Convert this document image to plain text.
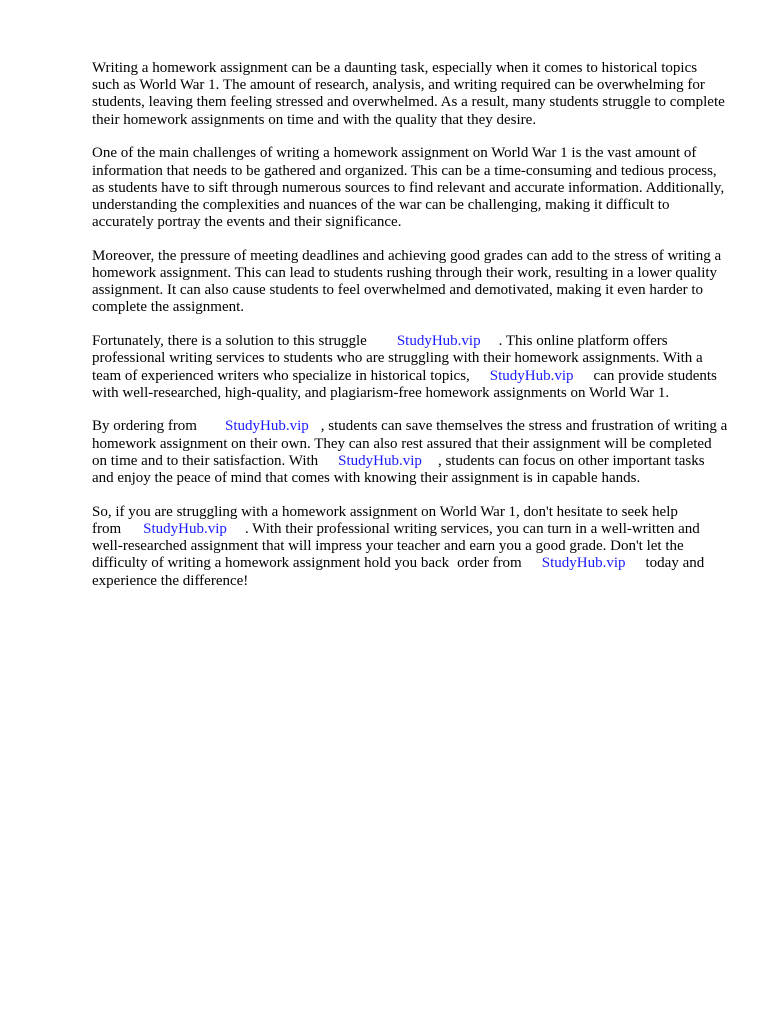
Writing a homework assignment can be a daunting task, especially when it comes to historical topics such as World War 1. The amount of research, analysis, and writing required can be overwhelming for students, leaving them feeling stressed and overwhelmed. As a result, many students struggle to complete their homework assignments on time and with the quality that they desire.

One of the main challenges of writing a homework assignment on World War 1 is the vast amount of information that needs to be gathered and organized. This can be a time-consuming and tedious process, as students have to sift through numerous sources to find relevant and accurate information. Additionally, understanding the complexities and nuances of the war can be challenging, making it difficult to accurately portray the events and their significance.

Moreover, the pressure of meeting deadlines and achieving good grades can add to the stress of writing a homework assignment. This can lead to students rushing through their work, resulting in a lower quality assignment. It can also cause students to feel overwhelmed and demotivated, making it even harder to complete the assignment.

Fortunately, there is a solution to this struggle StudyHub.vip . This online platform offers professional writing services to students who are struggling with their homework assignments. With a team of experienced writers who specialize in historical topics, StudyHub.vip can provide students with well-researched, high-quality, and plagiarism-free homework assignments on World War 1.

By ordering from StudyHub.vip , students can save themselves the stress and frustration of writing a homework assignment on their own. They can also rest assured that their assignment will be completed on time and to their satisfaction. With StudyHub.vip , students can focus on other important tasks and enjoy the peace of mind that comes with knowing their assignment is in capable hands.

So, if you are struggling with a homework assignment on World War 1, don't hesitate to seek help from StudyHub.vip . With their professional writing services, you can turn in a well-written and well-researched assignment that will impress your teacher and earn you a good grade. Don't let the difficulty of writing a homework assignment hold you back order from StudyHub.vip today and experience the difference!
